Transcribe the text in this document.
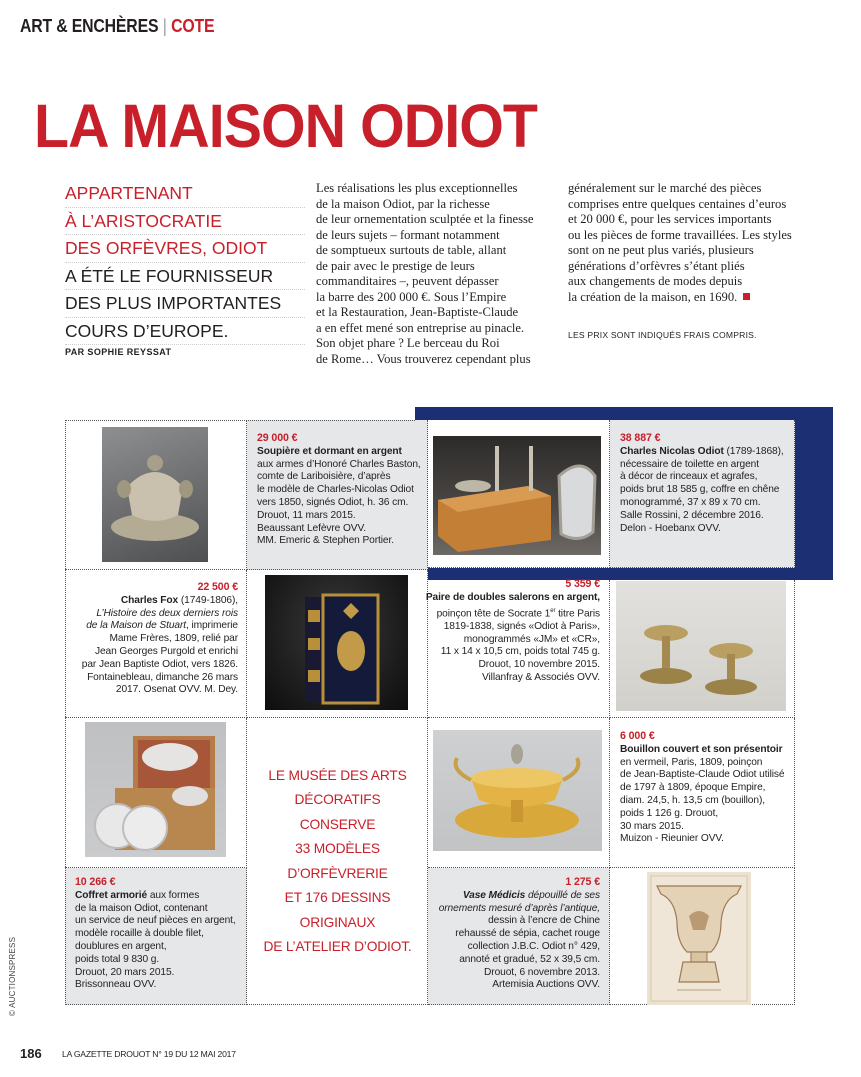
ART & ENCHÈRES | COTE
LA MAISON ODIOT
APPARTENANT
À L’ARISTOCRATIE
DES ORFÈVRES, ODIOT
A ÉTÉ LE FOURNISSEUR
DES PLUS IMPORTANTES
COURS D’EUROPE.
PAR SOPHIE REYSSAT
Les réalisations les plus exceptionnelles
de la maison Odiot, par la richesse
de leur ornementation sculptée et la finesse
de leurs sujets – formant notamment
de somptueux surtouts de table, allant
de pair avec le prestige de leurs
commanditaires –, peuvent dépasser
la barre des 200 000 €. Sous l’Empire
et la Restauration, Jean-Baptiste-Claude
a en effet mené son entreprise au pinacle.
Son objet phare ? Le berceau du Roi
de Rome… Vous trouverez cependant plus
généralement sur le marché des pièces
comprises entre quelques centaines d’euros
et 20 000 €, pour les services importants
ou les pièces de forme travaillées. Les styles
sont on ne peut plus variés, plusieurs
générations d’orfèvres s’étant pliés
aux changements de modes depuis
la création de la maison, en 1690.
LES PRIX SONT INDIQUÉS FRAIS COMPRIS.
29 000 €
Soupière et dormant en argent
aux armes d’Honoré Charles Baston,
comte de Lariboisière, d’après
le modèle de Charles-Nicolas Odiot
vers 1850, signés Odiot, h. 36 cm.
Drouot, 11 mars 2015.
Beaussant Lefèvre OVV.
MM. Emeric & Stephen Portier.
38 887 €
Charles Nicolas Odiot (1789-1868),
nécessaire de toilette en argent
à décor de rinceaux et agrafes,
poids brut 18 585 g, coffre en chêne
monogrammé, 37 x 89 x 70 cm.
Salle Rossini, 2 décembre 2016.
Delon - Hoebanx OVV.
22 500 €
Charles Fox (1749-1806),
L’Histoire des deux derniers rois
de la Maison de Stuart, imprimerie
Mame Frères, 1809, relié par
Jean Georges Purgold et enrichi
par Jean Baptiste Odiot, vers 1826.
Fontainebleau, dimanche 26 mars
2017. Osenat OVV. M. Dey.
5 359 €
Paire de doubles salerons en argent,
poinçon tête de Socrate 1er titre Paris
1819-1838, signés «Odiot à Paris»,
monogrammés «JM» et «CR»,
11 x 14 x 10,5 cm, poids total 745 g.
Drouot, 10 novembre 2015.
Villanfray & Associés OVV.
6 000 €
Bouillon couvert et son présentoir
en vermeil, Paris, 1809, poinçon
de Jean-Baptiste-Claude Odiot utilisé
de 1797 à 1809, époque Empire,
diam. 24,5, h. 13,5 cm (bouillon),
poids 1 126 g. Drouot,
30 mars 2015.
Muizon - Rieunier OVV.
10 266 €
Coffret armorié aux formes
de la maison Odiot, contenant
un service de neuf pièces en argent,
modèle rocaille à double filet,
doublures en argent,
poids total 9 830 g.
Drouot, 20 mars 2015.
Brissonneau OVV.
1 275 €
Vase Médicis dépouillé de ses
ornements mesuré d’après l’antique,
dessin à l’encre de Chine
rehaussé de sépia, cachet rouge
collection J.B.C. Odiot n° 429,
annoté et gradué, 52 x 39,5 cm.
Drouot, 6 novembre 2013.
Artemisia Auctions OVV.
LE MUSÉE DES ARTS
DÉCORATIFS
CONSERVE
33 MODÈLES
D’ORFÈVRERIE
ET 176 DESSINS
ORIGINAUX
DE L’ATELIER D’ODIOT.
© AUCTIONSPRESS
186 LA GAZETTE DROUOT N° 19 DU 12 MAI 2017
